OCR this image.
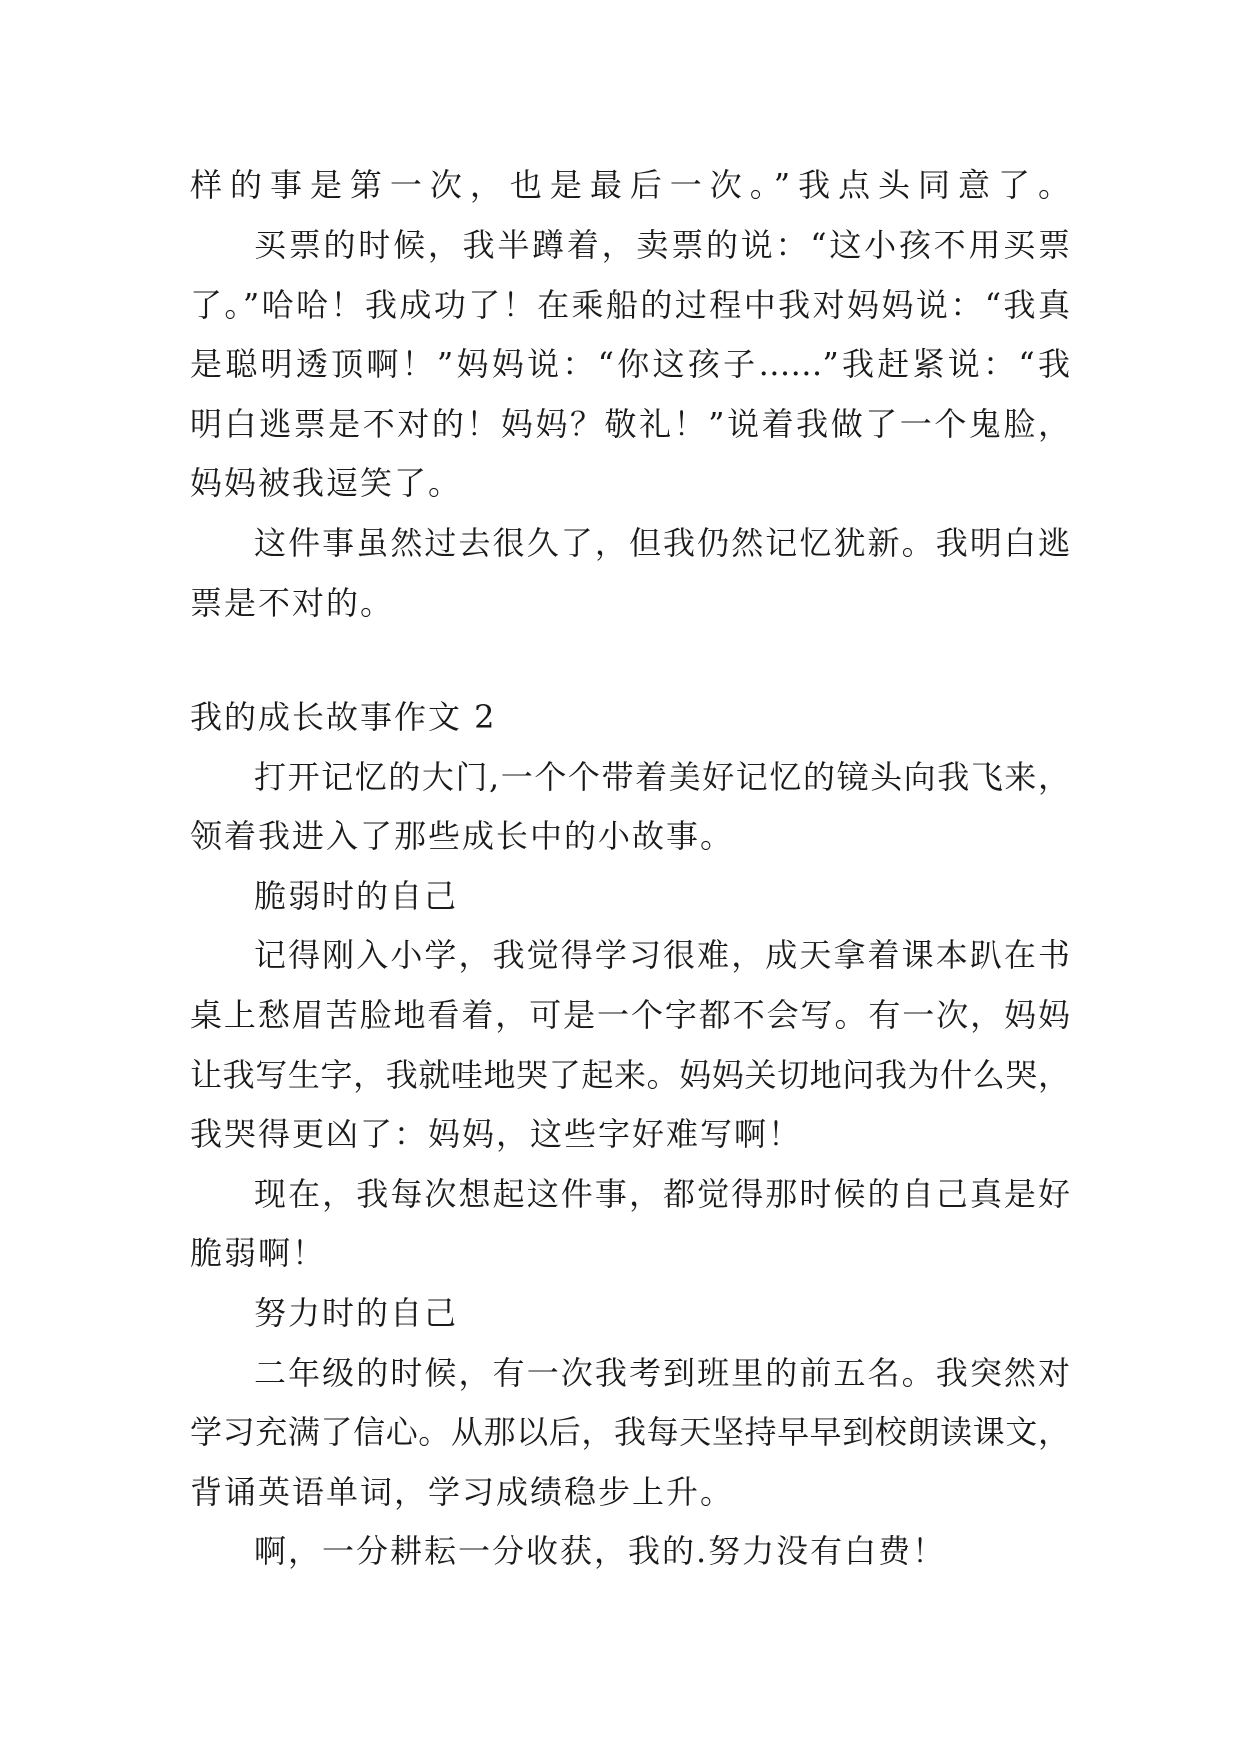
样的事是第一次，也是最后一次。”我点头同意了。
买票的时候，我半蹲着，卖票的说：“这小孩不用买票
了。”哈哈！我成功了！在乘船的过程中我对妈妈说：“我真
是聪明透顶啊！”妈妈说：“你这孩子……”我赶紧说：“我
明白逃票是不对的！妈妈？敬礼！”说着我做了一个鬼脸，
妈妈被我逗笑了。
这件事虽然过去很久了，但我仍然记忆犹新。我明白逃
票是不对的。
我的成长故事作文 2
打开记忆的大门,一个个带着美好记忆的镜头向我飞来，
领着我进入了那些成长中的小故事。
脆弱时的自己
记得刚入小学，我觉得学习很难，成天拿着课本趴在书
桌上愁眉苦脸地看着，可是一个字都不会写。有一次，妈妈
让我写生字，我就哇地哭了起来。妈妈关切地问我为什么哭，
我哭得更凶了：妈妈，这些字好难写啊！
现在，我每次想起这件事，都觉得那时候的自己真是好
脆弱啊！
努力时的自己
二年级的时候，有一次我考到班里的前五名。我突然对
学习充满了信心。从那以后，我每天坚持早早到校朗读课文，
背诵英语单词，学习成绩稳步上升。
啊，一分耕耘一分收获，我的.努力没有白费！
